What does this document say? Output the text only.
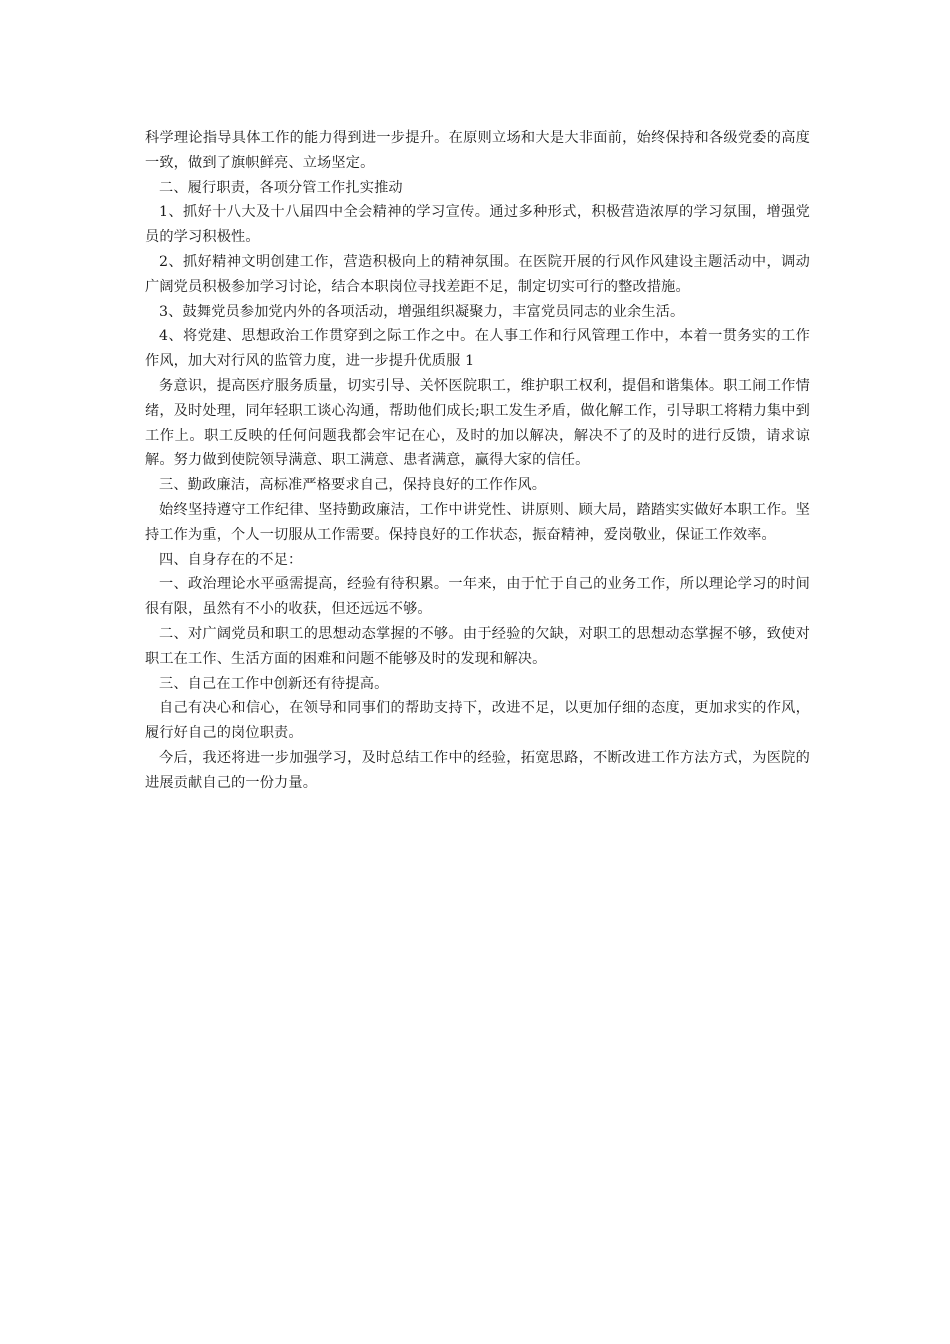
科学理论指导具体工作的能力得到进一步提升。在原则立场和大是大非面前，始终保持和各级党委的高度一致，做到了旗帜鲜亮、立场坚定。

二、履行职责，各项分管工作扎实推动

1、抓好十八大及十八届四中全会精神的学习宣传。通过多种形式，积极营造浓厚的学习氛围，增强党员的学习积极性。

2、抓好精神文明创建工作，营造积极向上的精神氛围。在医院开展的行风作风建设主题活动中，调动广阔党员积极参加学习讨论，结合本职岗位寻找差距不足，制定切实可行的整改措施。

3、鼓舞党员参加党内外的各项活动，增强组织凝聚力，丰富党员同志的业余生活。

4、将党建、思想政治工作贯穿到之际工作之中。在人事工作和行风管理工作中，本着一贯务实的工作作风，加大对行风的监管力度，进一步提升优质服 1

务意识，提高医疗服务质量，切实引导、关怀医院职工，维护职工权利，提倡和谐集体。职工闹工作情绪，及时处理，同年轻职工谈心沟通，帮助他们成长;职工发生矛盾，做化解工作，引导职工将精力集中到工作上。职工反映的任何问题我都会牢记在心，及时的加以解决，解决不了的及时的进行反馈，请求谅解。努力做到使院领导满意、职工满意、患者满意，赢得大家的信任。

三、勤政廉洁，高标准严格要求自己，保持良好的工作作风。

始终坚持遵守工作纪律、坚持勤政廉洁，工作中讲党性、讲原则、顾大局，踏踏实实做好本职工作。坚持工作为重，个人一切服从工作需要。保持良好的工作状态，振奋精神，爱岗敬业，保证工作效率。

四、自身存在的不足：

一、政治理论水平亟需提高，经验有待积累。一年来，由于忙于自己的业务工作，所以理论学习的时间很有限，虽然有不小的收获，但还远远不够。

二、对广阔党员和职工的思想动态掌握的不够。由于经验的欠缺，对职工的思想动态掌握不够，致使对职工在工作、生活方面的困难和问题不能够及时的发现和解决。

三、自己在工作中创新还有待提高。

自己有决心和信心，在领导和同事们的帮助支持下，改进不足，以更加仔细的态度，更加求实的作风，履行好自己的岗位职责。

今后，我还将进一步加强学习，及时总结工作中的经验，拓宽思路，不断改进工作方法方式，为医院的进展贡献自己的一份力量。
